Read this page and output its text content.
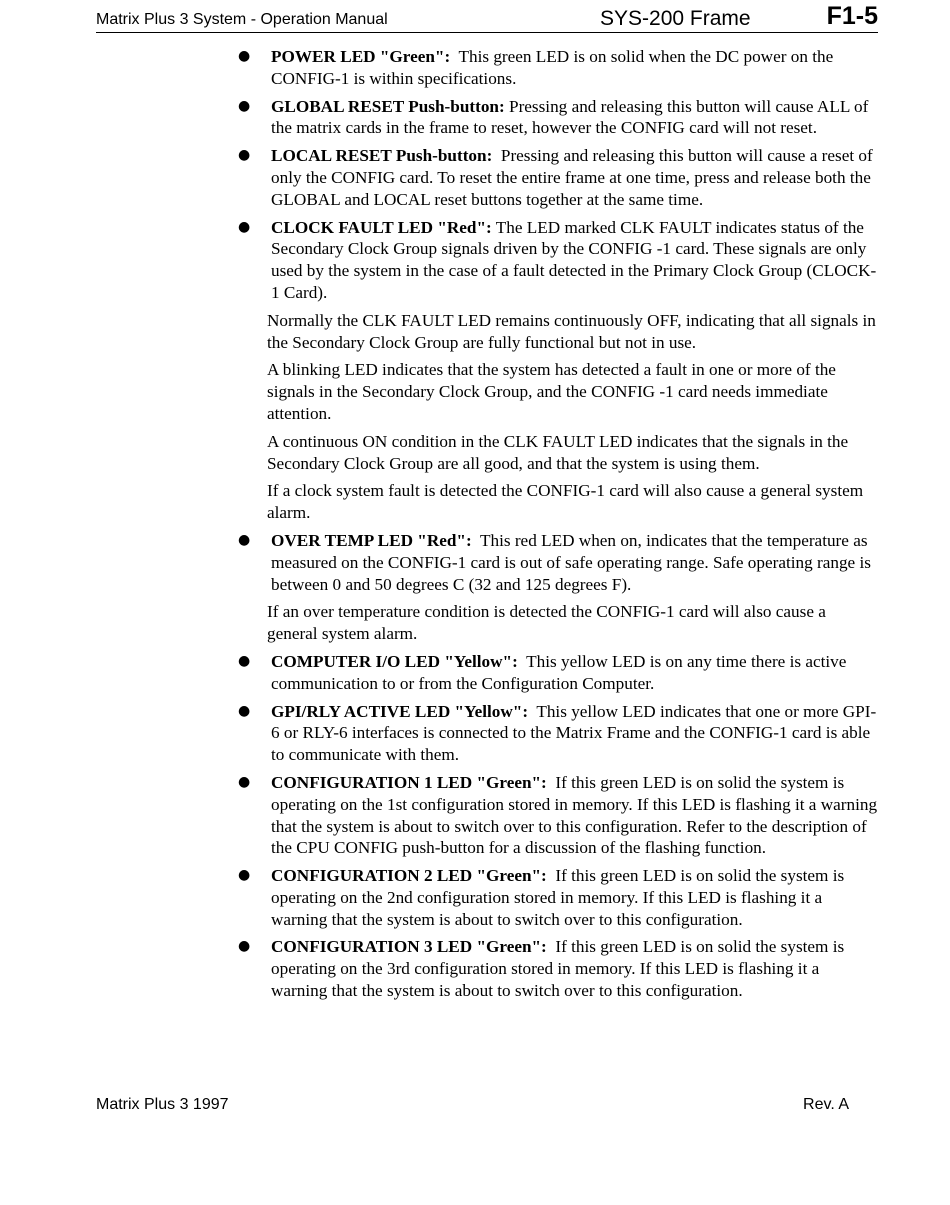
Matrix Plus 3 System - Operation Manual	SYS-200 Frame	F1-5
● POWER LED "Green": This green LED is on solid when the DC power on the CONFIG-1 is within specifications.
● GLOBAL RESET Push-button: Pressing and releasing this button will cause ALL of the matrix cards in the frame to reset, however the CONFIG card will not reset.
● LOCAL RESET Push-button: Pressing and releasing this button will cause a reset of only the CONFIG card. To reset the entire frame at one time, press and release both the GLOBAL and LOCAL reset buttons together at the same time.
● CLOCK FAULT LED "Red": The LED marked CLK FAULT indicates status of the Secondary Clock Group signals driven by the CONFIG -1 card. These signals are only used by the system in the case of a fault detected in the Primary Clock Group (CLOCK-1 Card).
Normally the CLK FAULT LED remains continuously OFF, indicating that all signals in the Secondary Clock Group are fully functional but not in use.
A blinking LED indicates that the system has detected a fault in one or more of the signals in the Secondary Clock Group, and the CONFIG -1 card needs immediate attention.
A continuous ON condition in the CLK FAULT LED indicates that the signals in the Secondary Clock Group are all good, and that the system is using them.
If a clock system fault is detected the CONFIG-1 card will also cause a general system alarm.
● OVER TEMP LED "Red": This red LED when on, indicates that the temperature as measured on the CONFIG-1 card is out of safe operating range. Safe operating range is between 0 and 50 degrees C (32 and 125 degrees F).
If an over temperature condition is detected the CONFIG-1 card will also cause a general system alarm.
● COMPUTER I/O LED "Yellow": This yellow LED is on any time there is active communication to or from the Configuration Computer.
● GPI/RLY ACTIVE LED "Yellow": This yellow LED indicates that one or more GPI-6 or RLY-6 interfaces is connected to the Matrix Frame and the CONFIG-1 card is able to communicate with them.
● CONFIGURATION 1 LED "Green": If this green LED is on solid the system is operating on the 1st configuration stored in memory. If this LED is flashing it a warning that the system is about to switch over to this configuration. Refer to the description of the CPU CONFIG push-button for a discussion of the flashing function.
● CONFIGURATION 2 LED "Green": If this green LED is on solid the system is operating on the 2nd configuration stored in memory. If this LED is flashing it a warning that the system is about to switch over to this configuration.
● CONFIGURATION 3 LED "Green": If this green LED is on solid the system is operating on the 3rd configuration stored in memory. If this LED is flashing it a warning that the system is about to switch over to this configuration.
Matrix Plus 3 1997	Rev. A
